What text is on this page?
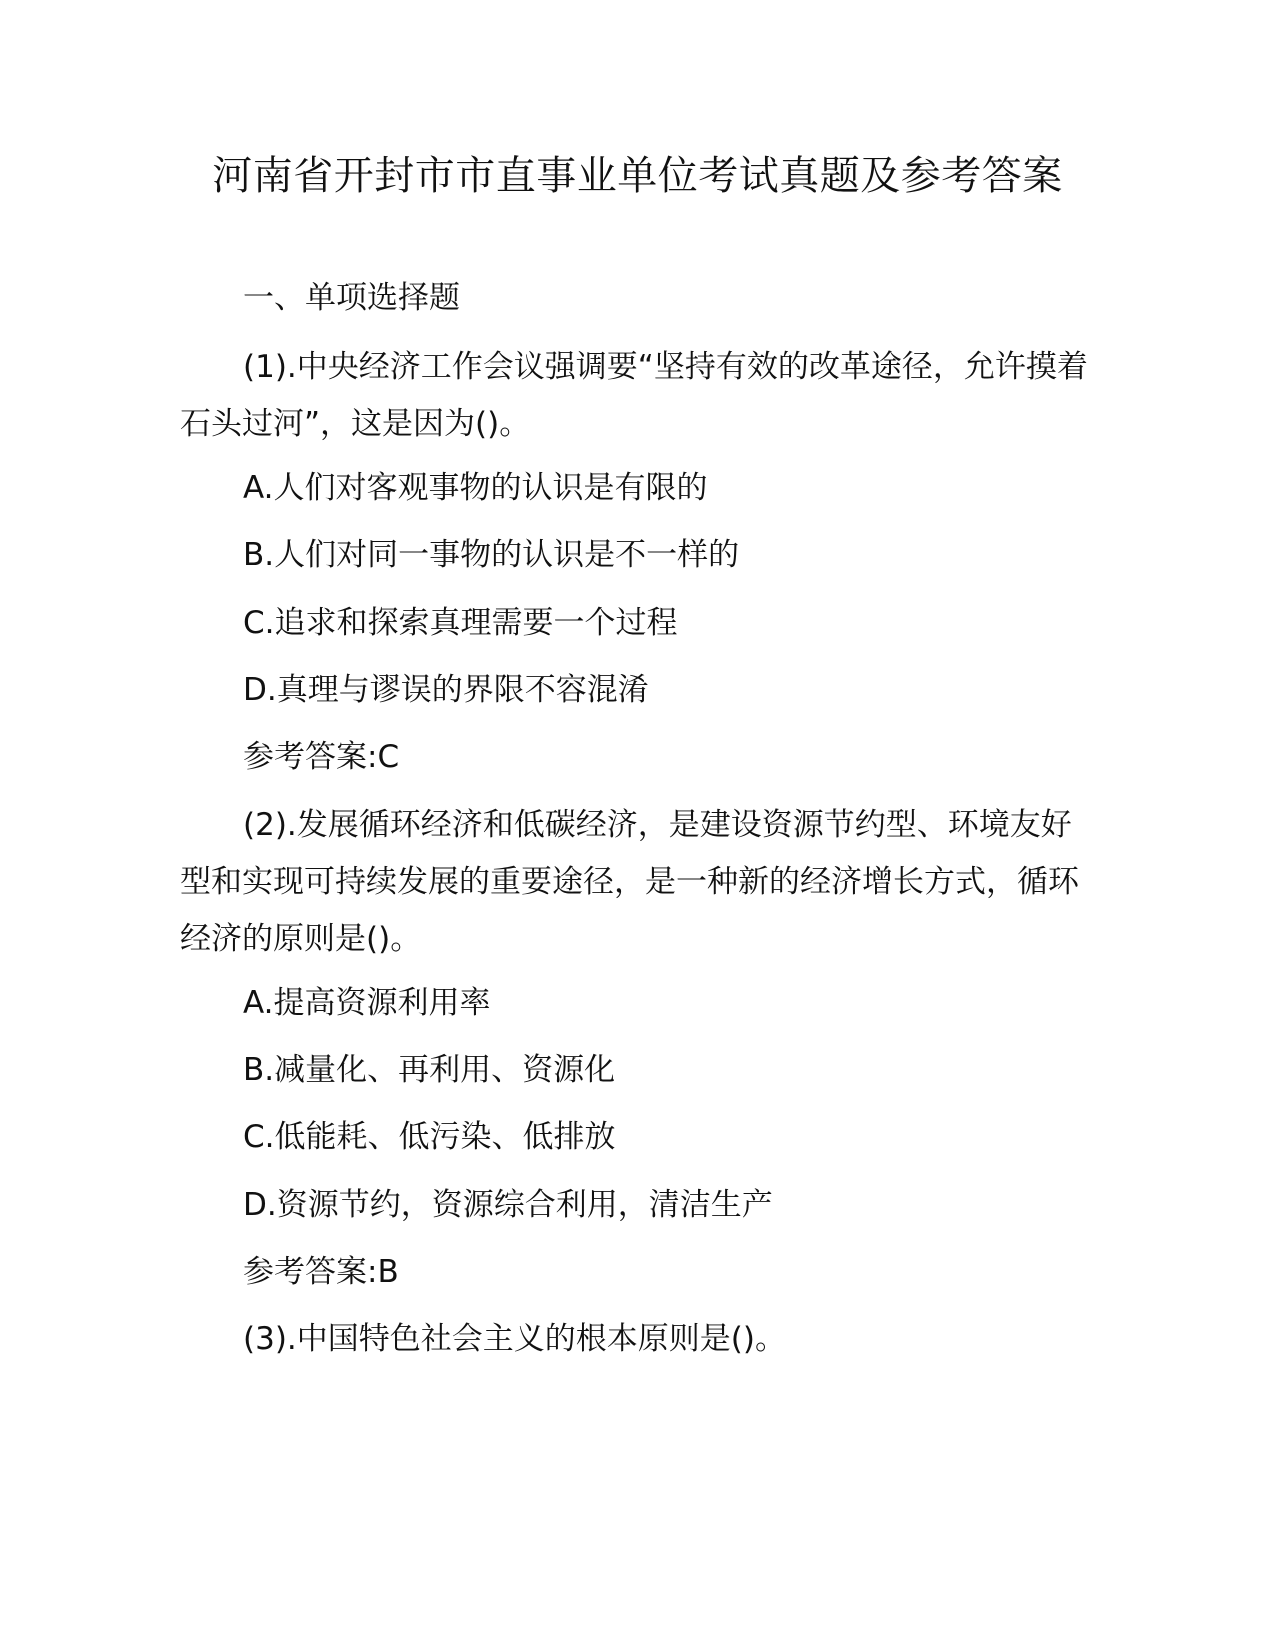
河南省开封市市直事业单位考试真题及参考答案

一、单项选择题

(1).中央经济工作会议强调要“坚持有效的改革途径，允许摸着石头过河”，这是因为()。

A.人们对客观事物的认识是有限的

B.人们对同一事物的认识是不一样的

C.追求和探索真理需要一个过程

D.真理与谬误的界限不容混淆

参考答案:C

(2).发展循环经济和低碳经济，是建设资源节约型、环境友好型和实现可持续发展的重要途径，是一种新的经济增长方式，循环经济的原则是()。

A.提高资源利用率

B.减量化、再利用、资源化

C.低能耗、低污染、低排放

D.资源节约，资源综合利用，清洁生产

参考答案:B

(3).中国特色社会主义的根本原则是()。
